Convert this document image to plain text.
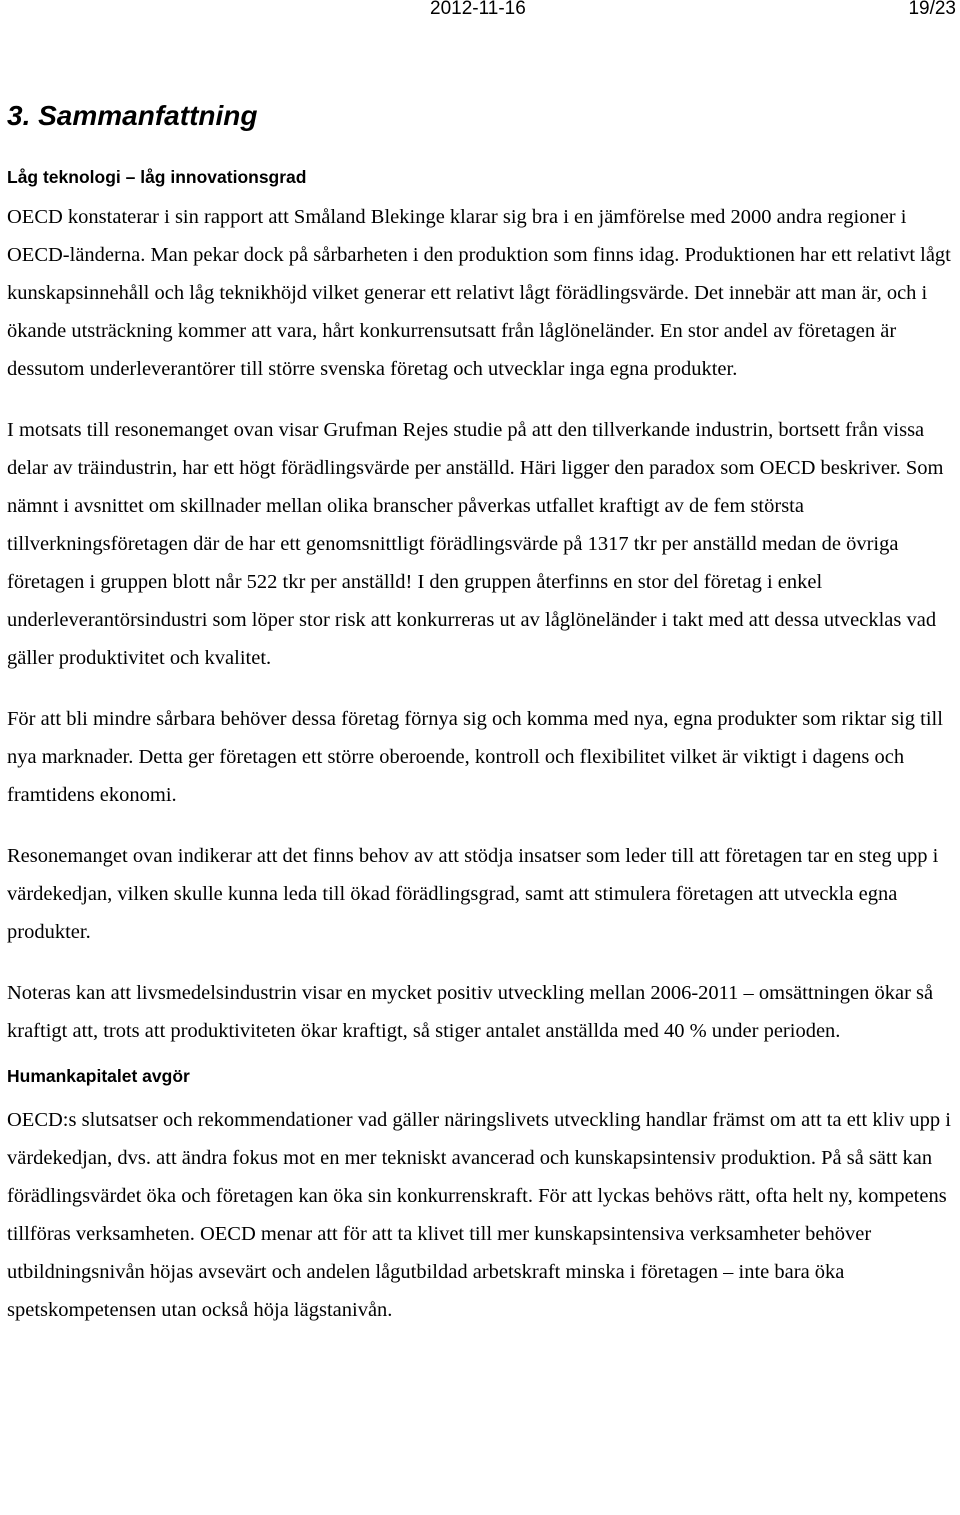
2012-11-16	19/23
3. Sammanfattning
Låg teknologi – låg innovationsgrad

OECD konstaterar i sin rapport att Småland Blekinge klarar sig bra i en jämförelse med 2000 andra regioner i OECD-länderna. Man pekar dock på sårbarheten i den produktion som finns idag. Produktionen har ett relativt lågt kunskapsinnehåll och låg teknikhöjd vilket generar ett relativt lågt förädlingsvärde. Det innebär att man är, och i ökande utsträckning kommer att vara, hårt konkurrensutsatt från låglöneländer. En stor andel av företagen är dessutom underleverantörer till större svenska företag och utvecklar inga egna produkter.

I motsats till resonemanget ovan visar Grufman Rejes studie på att den tillverkande industrin, bortsett från vissa delar av träindustrin, har ett högt förädlingsvärde per anställd. Häri ligger den paradox som OECD beskriver. Som nämnt i avsnittet om skillnader mellan olika branscher påverkas utfallet kraftigt av de fem största tillverkningsföretagen där de har ett genomsnittligt förädlingsvärde på 1317 tkr per anställd medan de övriga företagen i gruppen blott når 522 tkr per anställd! I den gruppen återfinns en stor del företag i enkel underleverantörsindustri som löper stor risk att konkurreras ut av låglöneländer i takt med att dessa utvecklas vad gäller produktivitet och kvalitet.

För att bli mindre sårbara behöver dessa företag förnya sig och komma med nya, egna produkter som riktar sig till nya marknader. Detta ger företagen ett större oberoende, kontroll och flexibilitet vilket är viktigt i dagens och framtidens ekonomi.

Resonemanget ovan indikerar att det finns behov av att stödja insatser som leder till att företagen tar en steg upp i värdekedjan, vilken skulle kunna leda till ökad förädlingsgrad, samt att stimulera företagen att utveckla egna produkter.

Noteras kan att livsmedelsindustrin visar en mycket positiv utveckling mellan 2006-2011 – omsättningen ökar så kraftigt att, trots att produktiviteten ökar kraftigt, så stiger antalet anställda med 40 % under perioden.

Humankapitalet avgör

OECD:s slutsatser och rekommendationer vad gäller näringslivets utveckling handlar främst om att ta ett kliv upp i värdekedjan, dvs. att ändra fokus mot en mer tekniskt avancerad och kunskapsintensiv produktion. På så sätt kan förädlingsvärdet öka och företagen kan öka sin konkurrenskraft. För att lyckas behövs rätt, ofta helt ny, kompetens tillföras verksamheten. OECD menar att för att ta klivet till mer kunskapsintensiva verksamheter behöver utbildningsnivån höjas avsevärt och andelen lågutbildad arbetskraft minska i företagen – inte bara öka spetskompetensen utan också höja lägstanivån.
